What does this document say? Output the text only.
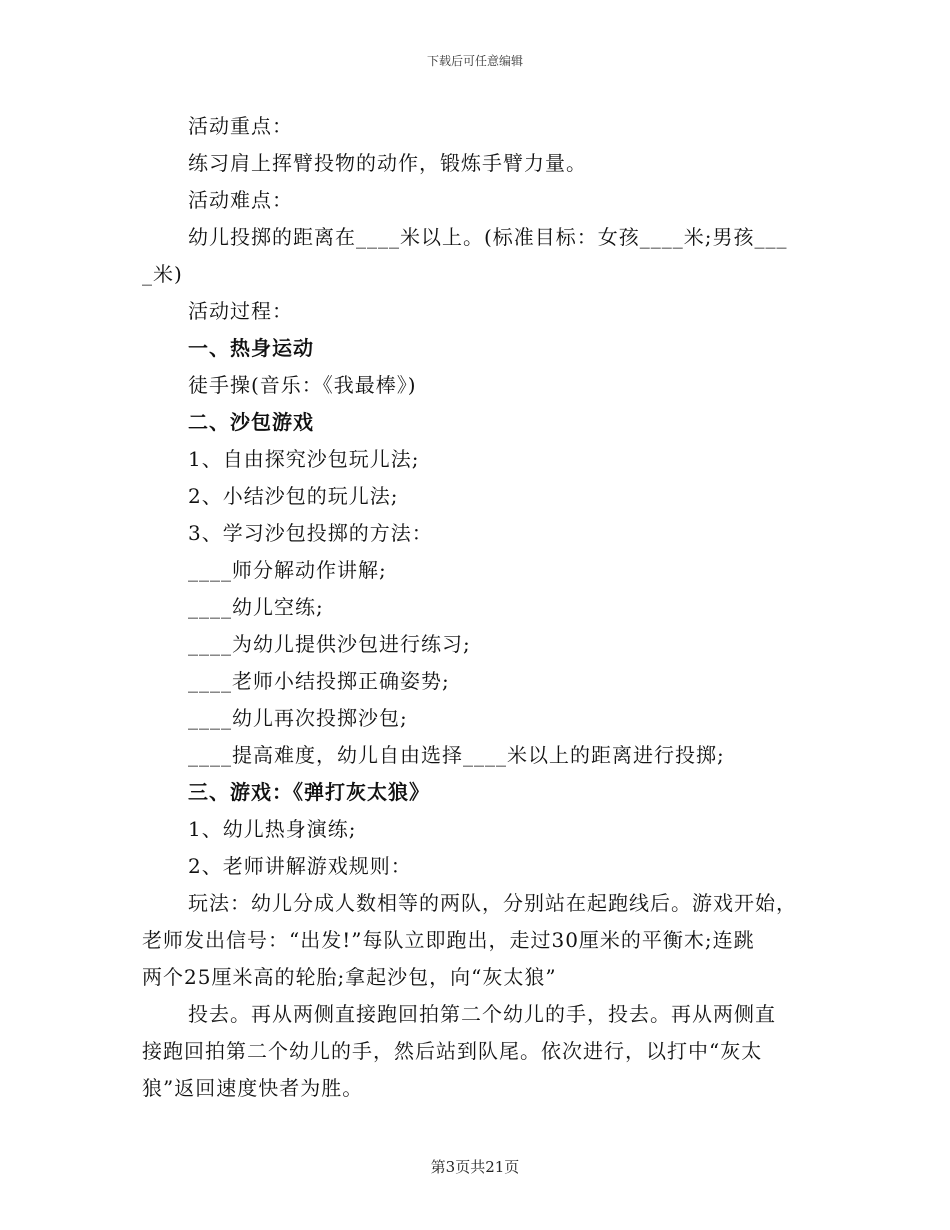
下载后可任意编辑
活动重点：
练习肩上挥臂投物的动作，锻炼手臂力量。
活动难点：
幼儿投掷的距离在____米以上。(标准目标：女孩____米;男孩___
_米)
活动过程：
一、热身运动
徒手操(音乐：《我最棒》)
二、沙包游戏
1、自由探究沙包玩儿法;
2、小结沙包的玩儿法;
3、学习沙包投掷的方法：
____师分解动作讲解;
____幼儿空练;
____为幼儿提供沙包进行练习;
____老师小结投掷正确姿势;
____幼儿再次投掷沙包;
____提高难度，幼儿自由选择____米以上的距离进行投掷;
三、游戏：《弹打灰太狼》
1、幼儿热身演练;
2、老师讲解游戏规则：
玩法：幼儿分成人数相等的两队，分别站在起跑线后。游戏开始，
老师发出信号：“出发!”每队立即跑出，走过30厘米的平衡木;连跳
两个25厘米高的轮胎;拿起沙包，向“灰太狼”
投去。再从两侧直接跑回拍第二个幼儿的手，投去。再从两侧直
接跑回拍第二个幼儿的手，然后站到队尾。依次进行，以打中“灰太
狼”返回速度快者为胜。
第3页共21页
